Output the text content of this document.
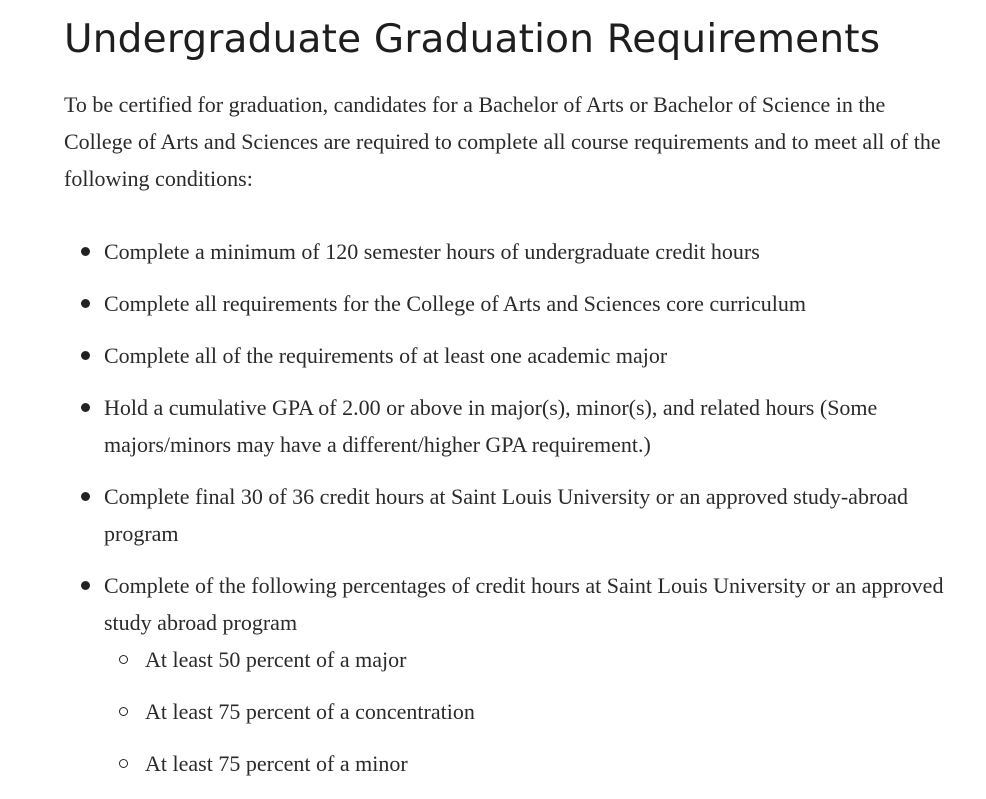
Undergraduate Graduation Requirements

To be certified for graduation, candidates for a Bachelor of Arts or Bachelor of Science in the College of Arts and Sciences are required to complete all course requirements and to meet all of the following conditions:

Complete a minimum of 120 semester hours of undergraduate credit hours
Complete all requirements for the College of Arts and Sciences core curriculum
Complete all of the requirements of at least one academic major
Hold a cumulative GPA of 2.00 or above in major(s), minor(s), and related hours (Some majors/minors may have a different/higher GPA requirement.)
Complete final 30 of 36 credit hours at Saint Louis University or an approved study-abroad program
Complete of the following percentages of credit hours at Saint Louis University or an approved study abroad program
At least 50 percent of a major
At least 75 percent of a concentration
At least 75 percent of a minor
